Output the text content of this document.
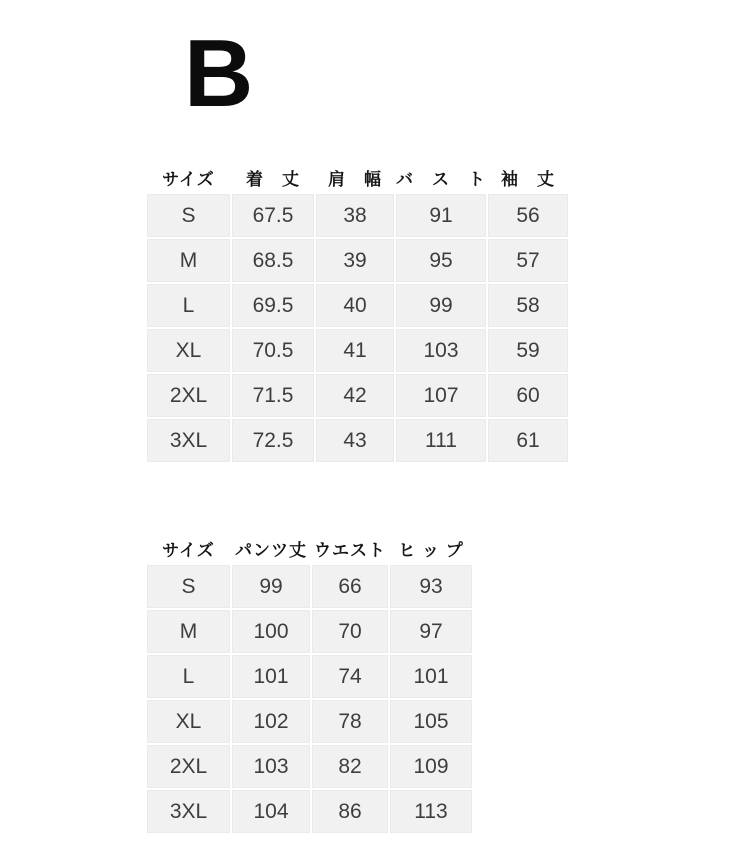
B
サイズ	着　丈	肩　幅	バ　ス　ト	袖　丈
S	67.5	38	91	56
M	68.5	39	95	57
L	69.5	40	99	58
XL	70.5	41	103	59
2XL	71.5	42	107	60
3XL	72.5	43	111	61
サイズ	パンツ丈	ウエスト	ヒ ッ プ
S	99	66	93
M	100	70	97
L	101	74	101
XL	102	78	105
2XL	103	82	109
3XL	104	86	113
